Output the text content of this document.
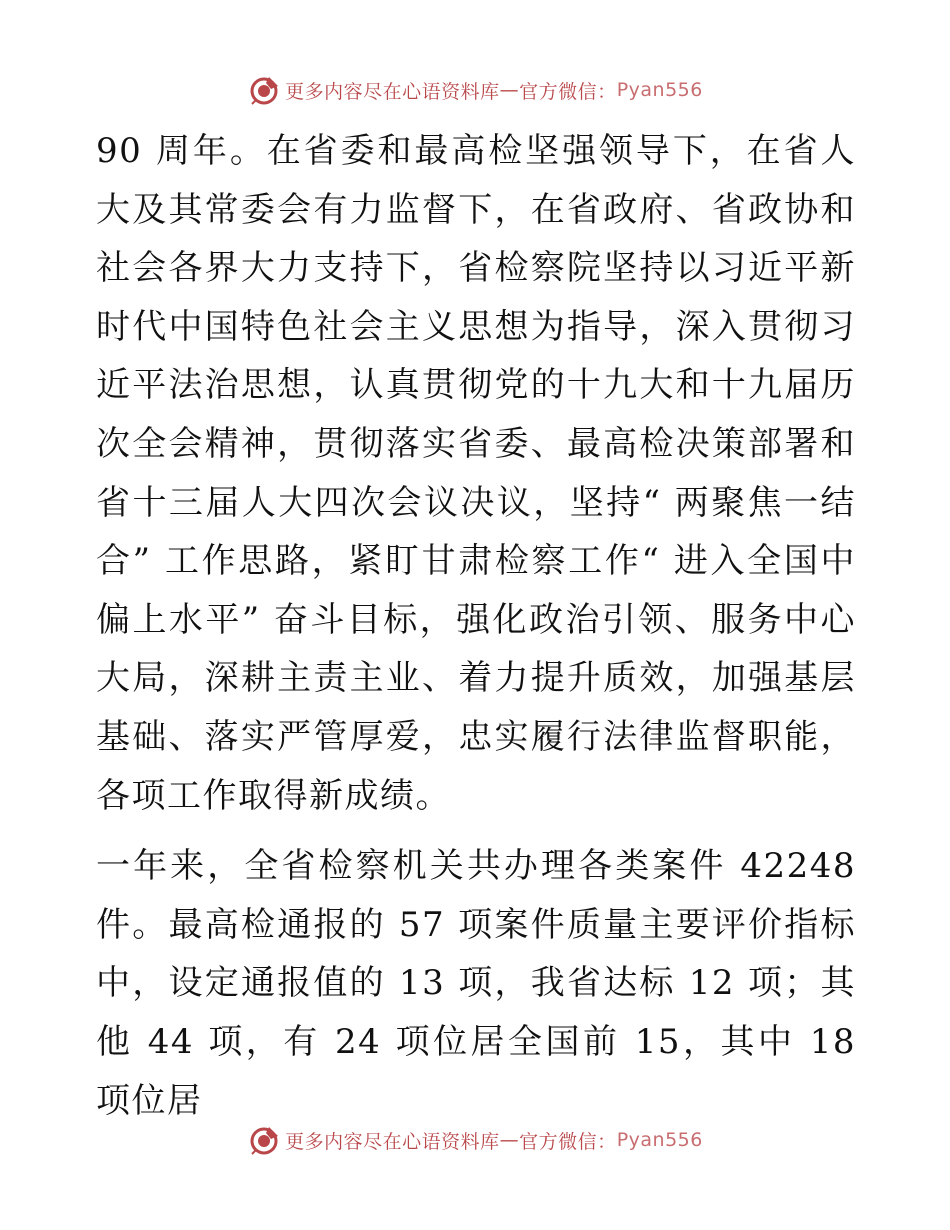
更多内容尽在心语资料库 — 官方微信： Pyan556

90 周年。在省委和最高检坚强领导下，在省人大及其常委会有力监督下，在省政府、省政协和社会各界大力支持下，省检察院坚持以习近平新时代中国特色社会主义思想为指导，深入贯彻习近平法治思想，认真贯彻党的十九大和十九届历次全会精神，贯彻落实省委、最高检决策部署和省十三届人大四次会议决议，坚持“ 两聚焦一结合” 工作思路，紧盯甘肃检察工作“ 进入全国中偏上水平” 奋斗目标，强化政治引领、服务中心大局，深耕主责主业、着力提升质效，加强基层基础、落实严管厚爱，忠实履行法律监督职能，各项工作取得新成绩。

一年来，全省检察机关共办理各类案件 42248 件。最高检通报的 57 项案件质量主要评价指标中，设定通报值的 13 项，我省达标 12 项；其他 44 项，有 24 项位居全国前 15，其中 18 项位居

更多内容尽在心语资料库 — 官方微信： Pyan556
